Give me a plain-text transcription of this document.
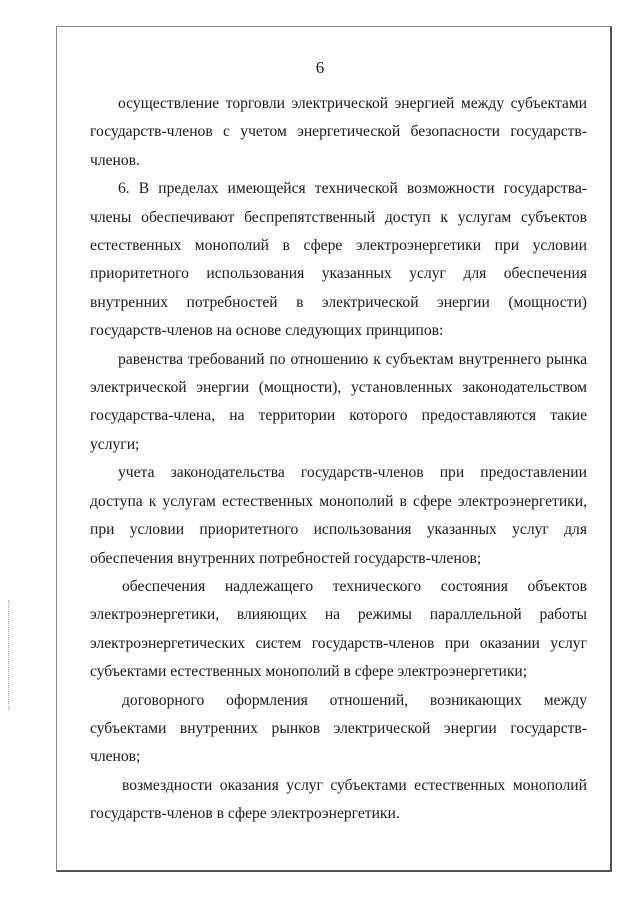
6

осуществление торговли электрической энергией между субъектами государств-членов с учетом энергетической безопасности государств-членов.

6. В пределах имеющейся технической возможности государства-члены обеспечивают беспрепятственный доступ к услугам субъектов естественных монополий в сфере электроэнергетики при условии приоритетного использования указанных услуг для обеспечения внутренних потребностей в электрической энергии (мощности) государств-членов на основе следующих принципов:

равенства требований по отношению к субъектам внутреннего рынка электрической энергии (мощности), установленных законодательством государства-члена, на территории которого предоставляются такие услуги;

учета законодательства государств-членов при предоставлении доступа к услугам естественных монополий в сфере электроэнергетики, при условии приоритетного использования указанных услуг для обеспечения внутренних потребностей государств-членов;

обеспечения надлежащего технического состояния объектов электроэнергетики, влияющих на режимы параллельной работы электроэнергетических систем государств-членов при оказании услуг субъектами естественных монополий в сфере электроэнергетики;

договорного оформления отношений, возникающих между субъектами внутренних рынков электрической энергии государств-членов;

возмездности оказания услуг субъектами естественных монополий государств-членов в сфере электроэнергетики.
